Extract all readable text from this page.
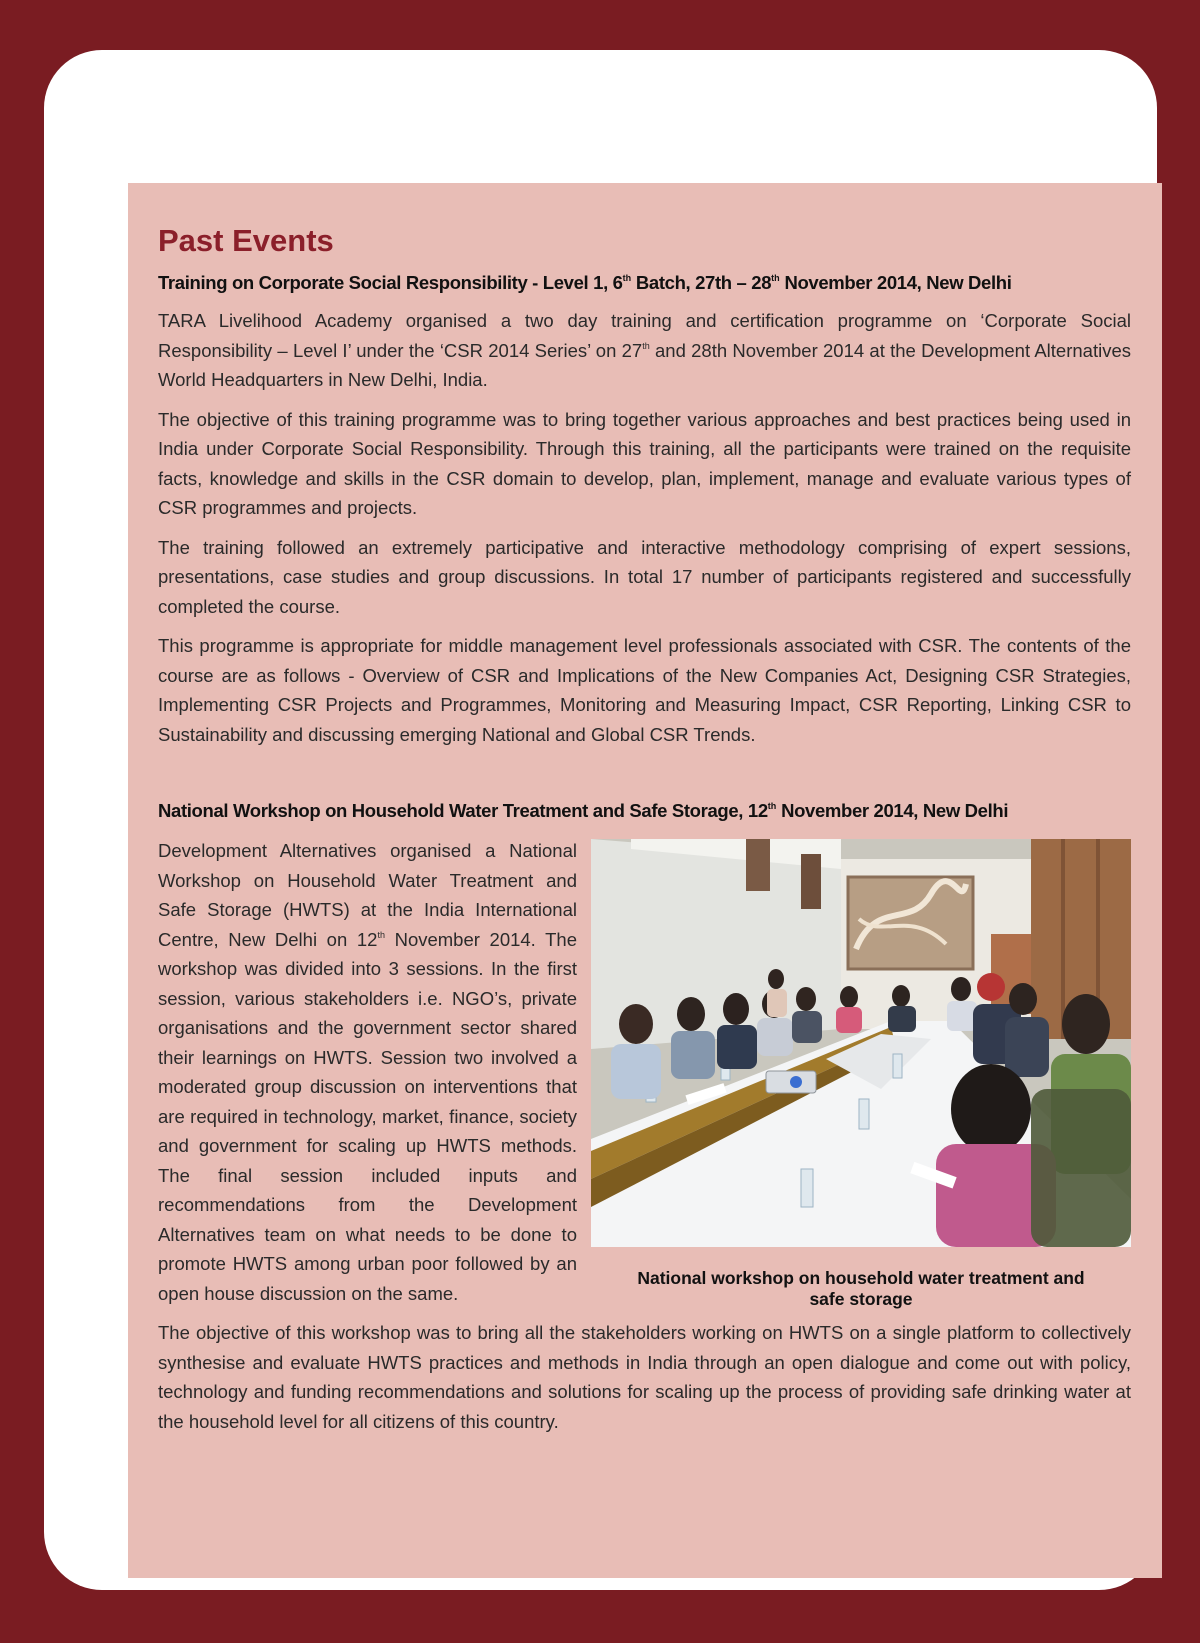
Past Events
Training on Corporate Social Responsibility - Level 1, 6th Batch, 27th – 28th November 2014, New Delhi

TARA Livelihood Academy organised a two day training and certification programme on ‘Corporate Social Responsibility – Level I’ under the ‘CSR 2014 Series’ on 27th and 28th November 2014 at the Development Alternatives World Headquarters in New Delhi, India.

The objective of this training programme was to bring together various approaches and best practices being used in India under Corporate Social Responsibility. Through this training, all the participants were trained on the requisite facts, knowledge and skills in the CSR domain to develop, plan, implement, manage and evaluate various types of CSR programmes and projects.

The training followed an extremely participative and interactive methodology comprising of expert sessions, presentations, case studies and group discussions. In total 17 number of participants registered and successfully completed the course.

This programme is appropriate for middle management level professionals associated with CSR. The contents of the course are as follows - Overview of CSR and Implications of the New Companies Act, Designing CSR Strategies, Implementing CSR Projects and Programmes, Monitoring and Measuring Impact, CSR Reporting, Linking CSR to Sustainability and discussing emerging National and Global CSR Trends.

National Workshop on Household Water Treatment and Safe Storage, 12th November 2014, New Delhi

Development Alternatives organised a National Workshop on Household Water Treatment and Safe Storage (HWTS) at the India International Centre, New Delhi on 12th November 2014. The workshop was divided into 3 sessions. In the first session, various stakeholders i.e. NGO’s, private organisations and the government sector shared their learnings on HWTS. Session two involved a moderated group discussion on interventions that are required in technology, market, finance, society and government for scaling up HWTS methods. The final session included inputs and recommendations from the Development Alternatives team on what needs to be done to promote HWTS among urban poor followed by an open house discussion on the same.

National workshop on household water treatment and safe storage

The objective of this workshop was to bring all the stakeholders working on HWTS on a single platform to collectively synthesise and evaluate HWTS practices and methods in India through an open dialogue and come out with policy, technology and funding recommendations and solutions for scaling up the process of providing safe drinking water at the household level for all citizens of this country.
